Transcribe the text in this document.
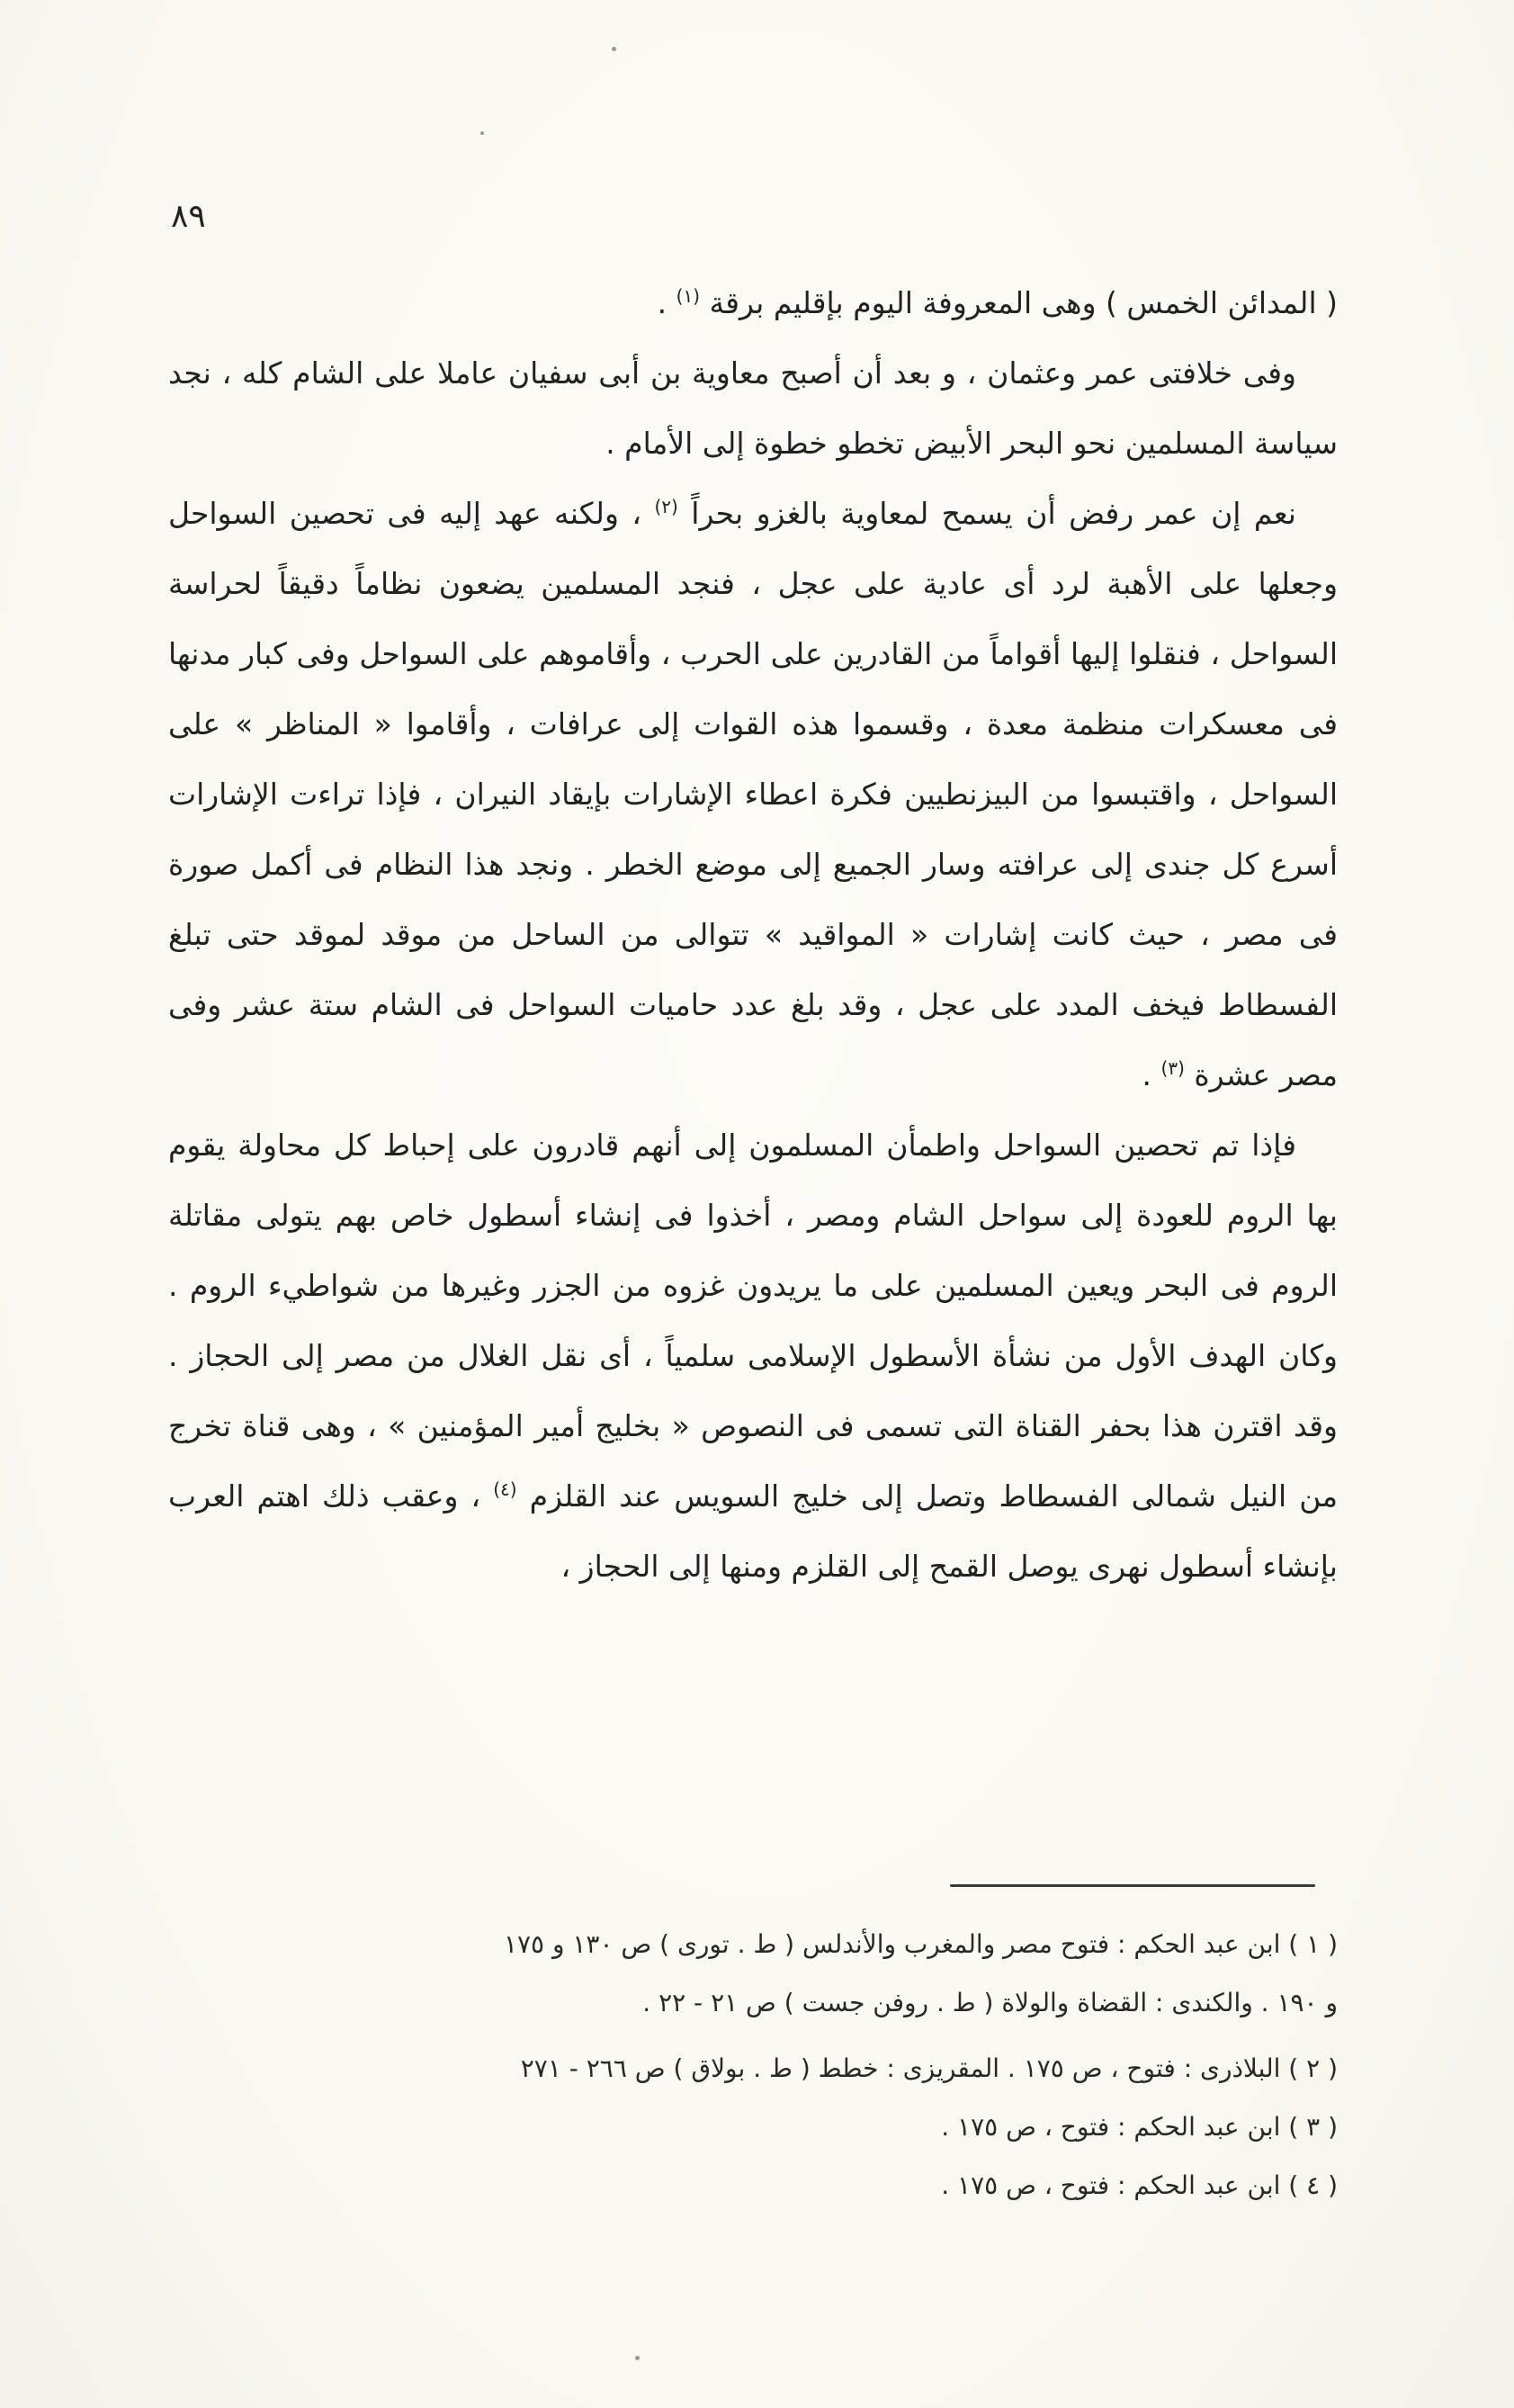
٨٩

( المدائن الخمس ) وهى المعروفة اليوم بإقليم برقة $^{(١)}$ .

وفى خلافتى عمر وعثمان ، و بعد أن أصبح معاوية بن أبى سفيان عاملا على الشام كله ، نجد سياسة المسلمين نحو البحر الأبيض تخطو خطوة إلى الأمام .

نعم إن عمر رفض أن يسمح لمعاوية بالغزو بحراً $^{(٢)}$ ، ولكنه عهد إليه فى تحصين السواحل وجعلها على الأهبة لرد أى عادية على عجل ، فنجد المسلمين يضعون نظاماً دقيقاً لحراسة السواحل ، فنقلوا إليها أقواماً من القادرين على الحرب ، وأقاموهم على السواحل وفى كبار مدنها فى معسكرات منظمة معدة ، وقسموا هذه القوات إلى عرافات ، وأقاموا « المناظر » على السواحل ، واقتبسوا من البيزنطيين فكرة اعطاء الإشارات بإيقاد النيران ، فإذا تراءت الإشارات أسرع كل جندى إلى عرافته وسار الجميع إلى موضع الخطر . ونجد هذا النظام فى أكمل صورة فى مصر ، حيث كانت إشارات « المواقيد » تتوالى من الساحل من موقد لموقد حتى تبلغ الفسطاط فيخف المدد على عجل ، وقد بلغ عدد حاميات السواحل فى الشام ستة عشر وفى مصر عشرة $^{(٣)}$ .

فإذا تم تحصين السواحل واطمأن المسلمون إلى أنهم قادرون على إحباط كل محاولة يقوم بها الروم للعودة إلى سواحل الشام ومصر ، أخذوا فى إنشاء أسطول خاص بهم يتولى مقاتلة الروم فى البحر ويعين المسلمين على ما يريدون غزوه من الجزر وغيرها من شواطيء الروم . وكان الهدف الأول من نشأة الأسطول الإسلامى سلمياً ، أى نقل الغلال من مصر إلى الحجاز . وقد اقترن هذا بحفر القناة التى تسمى فى النصوص « بخليج أمير المؤمنين » ، وهى قناة تخرج من النيل شمالى الفسطاط وتصل إلى خليج السويس عند القلزم $^{(٤)}$ ، وعقب ذلك اهتم العرب بإنشاء أسطول نهرى يوصل القمح إلى القلزم ومنها إلى الحجاز ،

( ١ ) ابن عبد الحكم : فتوح مصر والمغرب والأندلس ( ط . تورى ) ص ١٣٠ و ١٧٥
و ١٩٠ . والكندى : القضاة والولاة ( ط . روفن جست ) ص ٢١ - ٢٢ .
( ٢ ) البلاذرى : فتوح ، ص ١٧٥ . المقريزى : خطط ( ط . بولاق ) ص ٢٦٦ - ٢٧١
( ٣ ) ابن عبد الحكم : فتوح ، ص ١٧٥ .
( ٤ ) ابن عبد الحكم : فتوح ، ص ١٧٥ .
